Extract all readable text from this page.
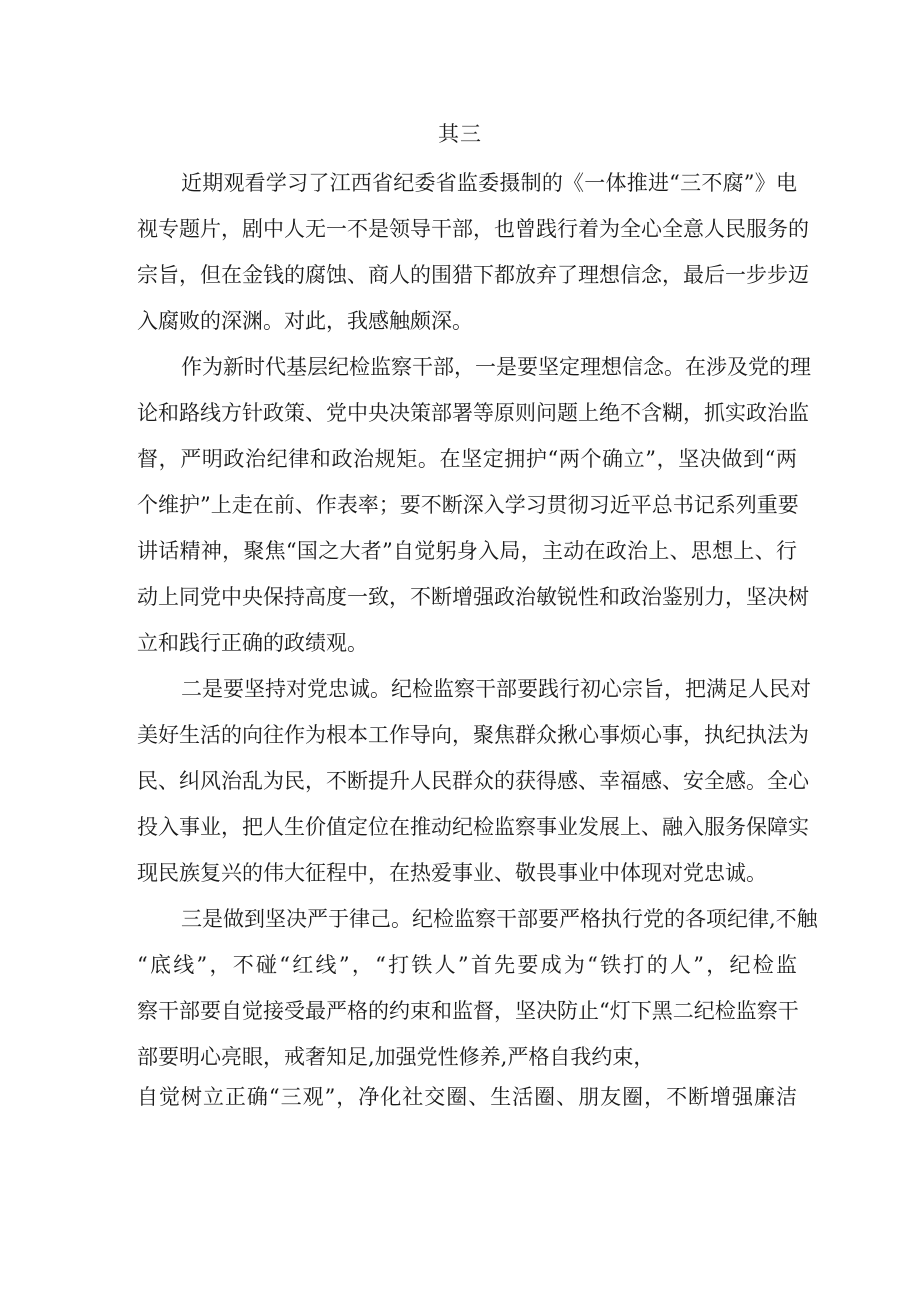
其三
近期观看学习了江西省纪委省监委摄制的《一体推进“三不腐”》电
视专题片，剧中人无一不是领导干部，也曾践行着为全心全意人民服务的
宗旨，但在金钱的腐蚀、商人的围猎下都放弃了理想信念，最后一步步迈
入腐败的深渊。对此，我感触颇深。
作为新时代基层纪检监察干部，一是要坚定理想信念。在涉及党的理
论和路线方针政策、党中央决策部署等原则问题上绝不含糊，抓实政治监
督，严明政治纪律和政治规矩。在坚定拥护“两个确立”，坚决做到“两
个维护”上走在前、作表率；要不断深入学习贯彻习近平总书记系列重要
讲话精神，聚焦“国之大者”自觉躬身入局，主动在政治上、思想上、行
动上同党中央保持高度一致，不断增强政治敏锐性和政治鉴别力，坚决树
立和践行正确的政绩观。
二是要坚持对党忠诚。纪检监察干部要践行初心宗旨，把满足人民对
美好生活的向往作为根本工作导向，聚焦群众揪心事烦心事，执纪执法为
民、纠风治乱为民，不断提升人民群众的获得感、幸福感、安全感。全心
投入事业，把人生价值定位在推动纪检监察事业发展上、融入服务保障实
现民族复兴的伟大征程中，在热爱事业、敬畏事业中体现对党忠诚。
三是做到坚决严于律己。纪检监察干部要严格执行党的各项纪律,不触
“底线”，不碰“红线”，“打铁人”首先要成为“铁打的人”，纪检监
察干部要自觉接受最严格的约束和监督，坚决防止“灯下黑二纪检监察干
部要明心亮眼，戒奢知足,加强党性修养,严格自我约束，
自觉树立正确“三观”，净化社交圈、生活圈、朋友圈，不断增强廉洁
